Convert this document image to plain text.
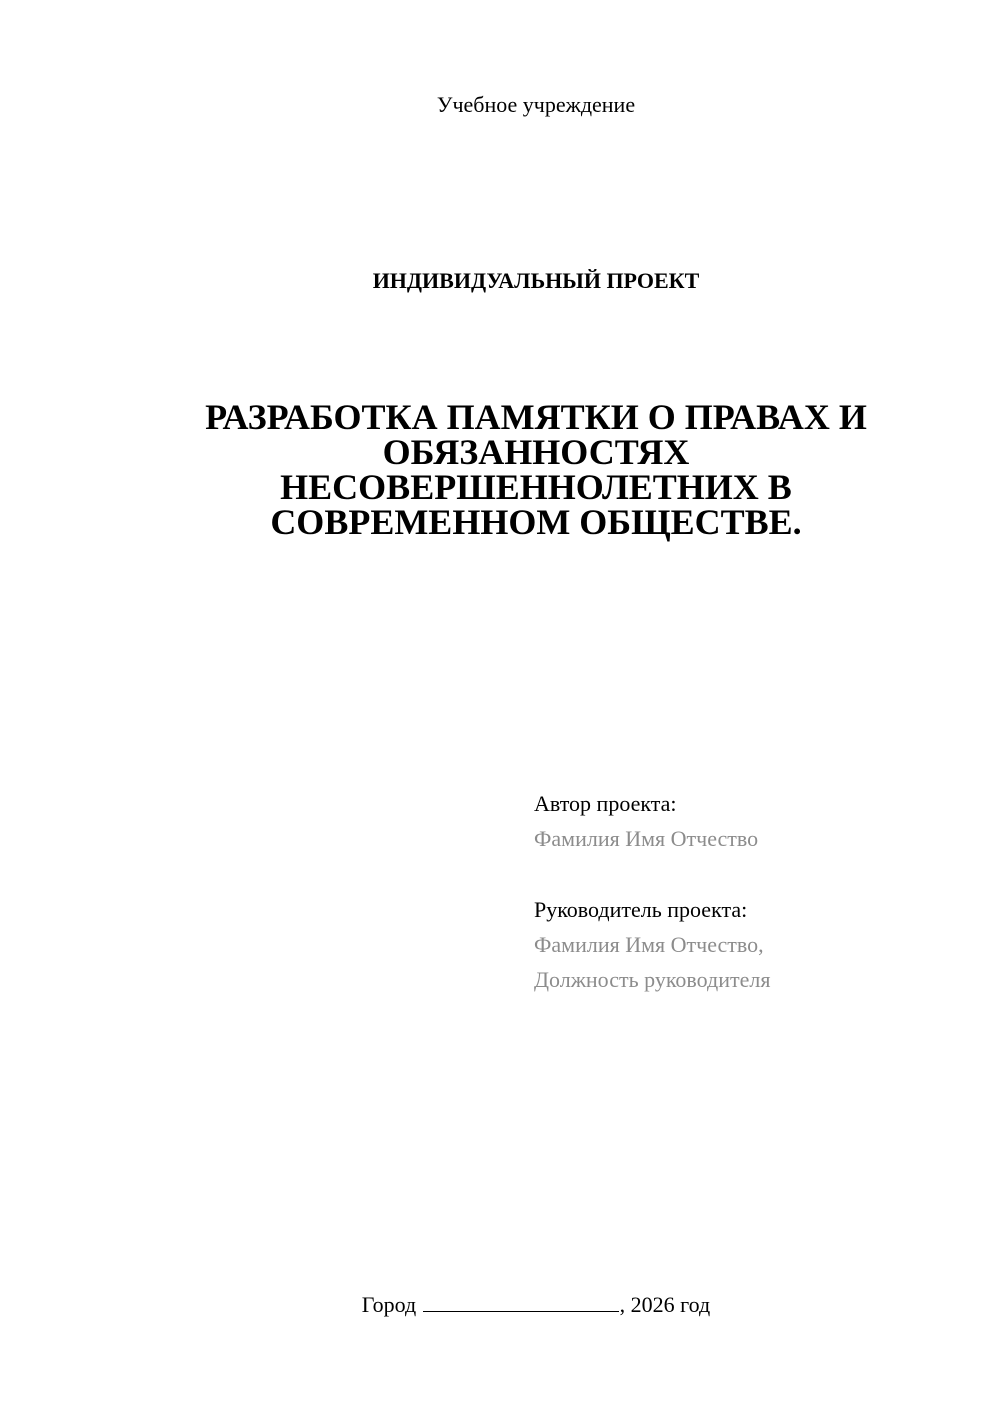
Учебное учреждение
ИНДИВИДУАЛЬНЫЙ ПРОЕКТ
РАЗРАБОТКА ПАМЯТКИ О ПРАВАХ И
ОБЯЗАННОСТЯХ
НЕСОВЕРШЕННОЛЕТНИХ В
СОВРЕМЕННОМ ОБЩЕСТВЕ.
Автор проекта:
Фамилия Имя Отчество
Руководитель проекта:
Фамилия Имя Отчество,
Должность руководителя
Город	, 2026 год
